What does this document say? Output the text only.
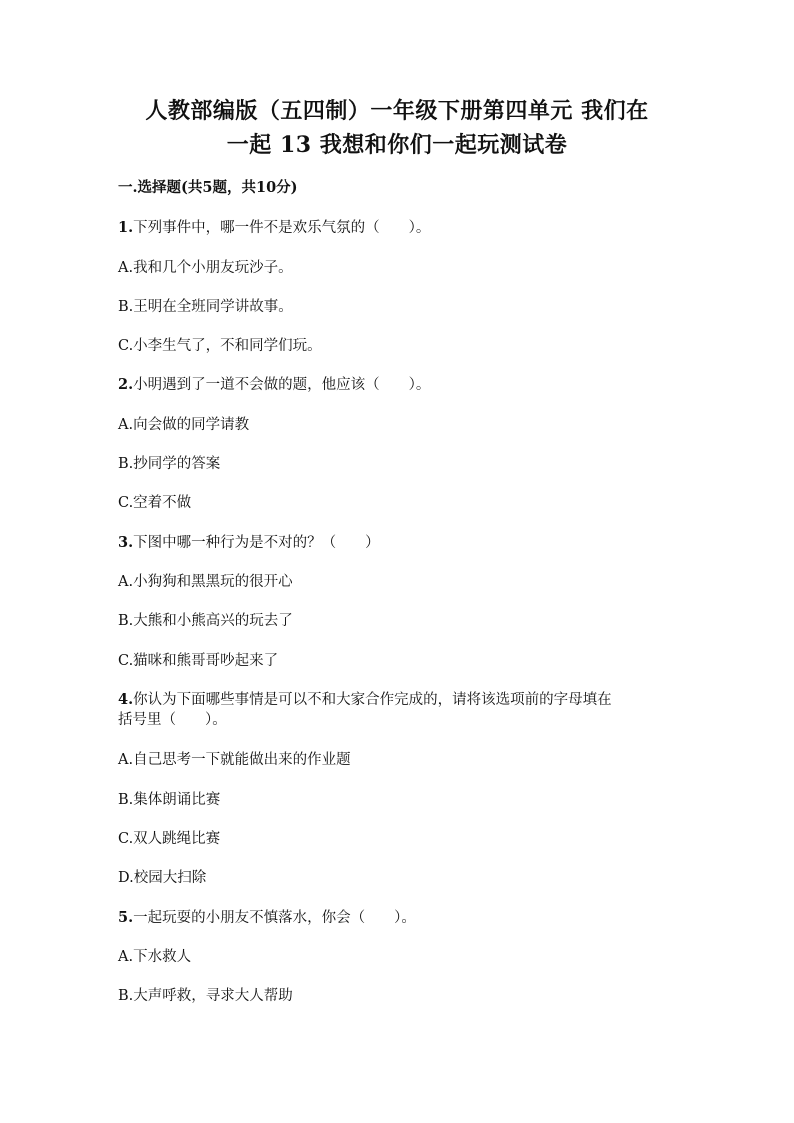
人教部编版（五四制）一年级下册第四单元 我们在
一起 13 我想和你们一起玩测试卷
一.选择题(共5题，共10分)
1.下列事件中，哪一件不是欢乐气氛的（　　）。
A.我和几个小朋友玩沙子。
B.王明在全班同学讲故事。
C.小李生气了，不和同学们玩。
2.小明遇到了一道不会做的题，他应该（　　）。
A.向会做的同学请教
B.抄同学的答案
C.空着不做
3.下图中哪一种行为是不对的？（　　）
A.小狗狗和黑黑玩的很开心
B.大熊和小熊高兴的玩去了
C.猫咪和熊哥哥吵起来了
4.你认为下面哪些事情是可以不和大家合作完成的，请将该选项前的字母填在
括号里（　　）。
A.自己思考一下就能做出来的作业题
B.集体朗诵比赛
C.双人跳绳比赛
D.校园大扫除
5.一起玩耍的小朋友不慎落水，你会（　　）。
A.下水救人
B.大声呼救，寻求大人帮助
